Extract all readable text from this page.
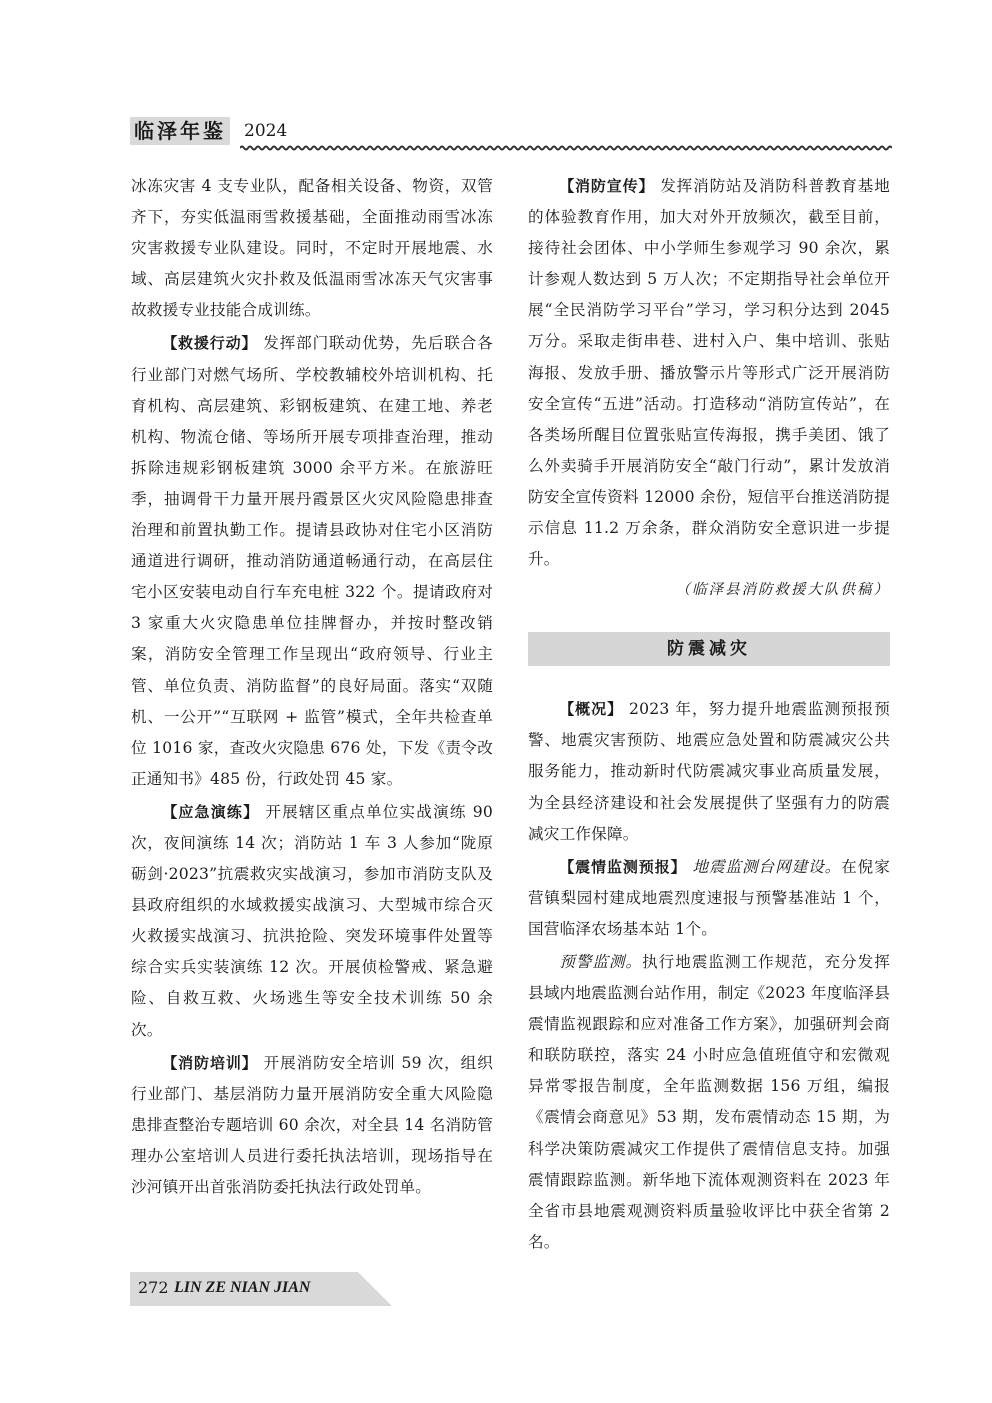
临泽年鉴 2024

冰冻灾害 4 支专业队，配备相关设备、物资，双管齐下，夯实低温雨雪救援基础，全面推动雨雪冰冻灾害救援专业队建设。同时，不定时开展地震、水域、高层建筑火灾扑救及低温雨雪冰冻天气灾害事故救援专业技能合成训练。

【救援行动】 发挥部门联动优势，先后联合各行业部门对燃气场所、学校教辅校外培训机构、托育机构、高层建筑、彩钢板建筑、在建工地、养老机构、物流仓储、等场所开展专项排查治理，推动拆除违规彩钢板建筑 3000 余平方米。在旅游旺季，抽调骨干力量开展丹霞景区火灾风险隐患排查治理和前置执勤工作。提请县政协对住宅小区消防通道进行调研，推动消防通道畅通行动，在高层住宅小区安装电动自行车充电桩 322 个。提请政府对 3 家重大火灾隐患单位挂牌督办，并按时整改销案，消防安全管理工作呈现出“政府领导、行业主管、单位负责、消防监督”的良好局面。落实“双随机、一公开”“互联网 + 监管”模式，全年共检查单位 1016 家，查改火灾隐患 676 处，下发《责令改正通知书》485 份，行政处罚 45 家。

【应急演练】 开展辖区重点单位实战演练 90 次，夜间演练 14 次；消防站 1 车 3 人参加“陇原砺剑·2023”抗震救灾实战演习，参加市消防支队及县政府组织的水域救援实战演习、大型城市综合灭火救援实战演习、抗洪抢险、突发环境事件处置等综合实兵实装演练 12 次。开展侦检警戒、紧急避险、自救互救、火场逃生等安全技术训练 50 余次。

【消防培训】 开展消防安全培训 59 次，组织行业部门、基层消防力量开展消防安全重大风险隐患排查整治专题培训 60 余次，对全县 14 名消防管理办公室培训人员进行委托执法培训，现场指导在沙河镇开出首张消防委托执法行政处罚单。

【消防宣传】 发挥消防站及消防科普教育基地的体验教育作用，加大对外开放频次，截至目前，接待社会团体、中小学师生参观学习 90 余次，累计参观人数达到 5 万人次；不定期指导社会单位开展“全民消防学习平台”学习，学习积分达到 2045 万分。采取走街串巷、进村入户、集中培训、张贴海报、发放手册、播放警示片等形式广泛开展消防安全宣传“五进”活动。打造移动“消防宣传站”，在各类场所醒目位置张贴宣传海报，携手美团、饿了么外卖骑手开展消防安全“敲门行动”，累计发放消防安全宣传资料 12000 余份，短信平台推送消防提示信息 11.2 万余条，群众消防安全意识进一步提升。

（临泽县消防救援大队供稿）

防震减灾

【概况】 2023 年，努力提升地震监测预报预警、地震灾害预防、地震应急处置和防震减灾公共服务能力，推动新时代防震减灾事业高质量发展，为全县经济建设和社会发展提供了坚强有力的防震减灾工作保障。

【震情监测预报】 地震监测台网建设。在倪家营镇梨园村建成地震烈度速报与预警基准站 1 个，国营临泽农场基本站 1个。

预警监测。执行地震监测工作规范，充分发挥县域内地震监测台站作用，制定《2023 年度临泽县震情监视跟踪和应对准备工作方案》，加强研判会商和联防联控，落实 24 小时应急值班值守和宏微观异常零报告制度，全年监测数据 156 万组，编报《震情会商意见》53 期，发布震情动态 15 期，为科学决策防震减灾工作提供了震情信息支持。加强震情跟踪监测。新华地下流体观测资料在 2023 年全省市县地震观测资料质量验收评比中获全省第 2 名。

272 LIN ZE NIAN JIAN
